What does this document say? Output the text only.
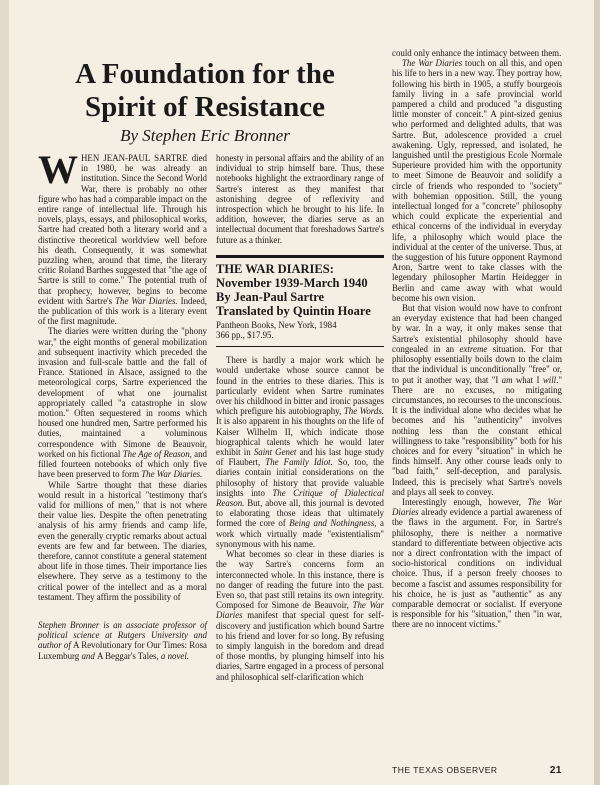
A Foundation for the
Spirit of Resistance

By Stephen Eric Bronner

WHEN JEAN-PAUL SARTRE died in 1980, he was already an institution. Since the Second World War, there is probably no other figure who has had a comparable impact on the entire range of intellectual life. Through his novels, plays, essays, and philosophical works, Sartre had created both a literary world and a distinctive theoretical worldview well before his death. Consequently, it was somewhat puzzling when, around that time, the literary critic Roland Barthes suggested that "the age of Sartre is still to come." The potential truth of that prophecy, however, begins to become evident with Sartre's The War Diaries. Indeed, the publication of this work is a literary event of the first magnitude.

The diaries were written during the "phony war," the eight months of general mobilization and subsequent inactivity which preceded the invasion and full-scale battle and the fall of France. Stationed in Alsace, assigned to the meteorological corps, Sartre experienced the development of what one journalist appropriately called "a catastrophe in slow motion." Often sequestered in rooms which housed one hundred men, Sartre performed his duties, maintained a voluminous correspondence with Simone de Beauvoir, worked on his fictional The Age of Reason, and filled fourteen notebooks of which only five have been preserved to form The War Diaries.

While Sartre thought that these diaries would result in a historical "testimony that's valid for millions of men," that is not where their value lies. Despite the often penetrating analysis of his army friends and camp life, even the generally cryptic remarks about actual events are few and far between. The diaries, therefore, cannot constitute a general statement about life in those times. Their importance lies elsewhere. They serve as a testimony to the critical power of the intellect and as a moral testament. They affirm the possibility of

Stephen Bronner is an associate professor of political science at Rutgers University and author of A Revolutionary for Our Times: Rosa Luxemburg and A Beggar's Tales, a novel.

honesty in personal affairs and the ability of an individual to strip himself bare. Thus, these notebooks highlight the extraordinary range of Sartre's interest as they manifest that astonishing degree of reflexivity and introspection which he brought to his life. In addition, however, the diaries serve as an intellectual document that foreshadows Sartre's future as a thinker.

THE WAR DIARIES:

November 1939-March 1940

By Jean-Paul Sartre

Translated by Quintin Hoare

Pantheon Books, New York, 1984

366 pp., $17.95.

There is hardly a major work which he would undertake whose source cannot be found in the entries to these diaries. This is particularly evident when Sartre ruminates over his childhood in bitter and ironic passages which prefigure his autobiography, The Words. It is also apparent in his thoughts on the life of Kaiser Wilhelm II, which indicate those biographical talents which he would later exhibit in Saint Genet and his last huge study of Flaubert, The Family Idiot. So, too, the diaries contain initial considerations on the philosophy of history that provide valuable insights into The Critique of Dialectical Reason. But, above all, this journal is devoted to elaborating those ideas that ultimately formed the core of Being and Nothingness, a work which virtually made "existentialism" synonymous with his name.

What becomes so clear in these diaries is the way Sartre's concerns form an interconnected whole. In this instance, there is no danger of reading the future into the past. Even so, that past still retains its own integrity. Composed for Simone de Beauvoir, The War Diaries manifest that special quest for self-discovery and justification which bound Sartre to his friend and lover for so long. By refusing to simply languish in the boredom and dread of those months, by plunging himself into his diaries, Sartre engaged in a process of personal and philosophical self-clarification which

could only enhance the intimacy between them.

The War Diaries touch on all this, and open his life to hers in a new way. They portray how, following his birth in 1905, a stuffy bourgeois family living in a safe provincial world pampered a child and produced "a disgusting little monster of conceit." A pint-sized genius who performed and delighted adults, that was Sartre. But, adolescence provided a cruel awakening. Ugly, repressed, and isolated, he languished until the prestigious Ecole Normale Superieure provided him with the opportunity to meet Simone de Beauvoir and solidify a circle of friends who responded to "society" with bohemian opposition. Still, the young intellectual longed for a "concrete" philosophy which could explicate the experiential and ethical concerns of the individual in everyday life, a philosophy which would place the individual at the center of the universe. Thus, at the suggestion of his future opponent Raymond Aron, Sartre went to take classes with the legendary philosopher Martin Heidegger in Berlin and came away with what would become his own vision.

But that vision would now have to confront an everyday existence that had been changed by war. In a way, it only makes sense that Sartre's existential philosophy should have congealed in an extreme situation. For that philosophy essentially boils down to the claim that the individual is unconditionally "free" or, to put it another way, that "I am what I will." There are no excuses, no mitigating circumstances, no recourses to the unconscious. It is the individual alone who decides what he becomes and his "authenticity" involves nothing less than the constant ethical willingness to take "responsibility" both for his choices and for every "situation" in which he finds himself. Any other course leads only to "bad faith," self-deception, and paralysis. Indeed, this is precisely what Sartre's novels and plays all seek to convey.

Interestingly enough, however, The War Diaries already evidence a partial awareness of the flaws in the argument. For, in Sartre's philosophy, there is neither a normative standard to differentiate between objective acts nor a direct confrontation with the impact of socio-historical conditions on individual choice. Thus, if a person freely chooses to become a fascist and assumes responsibility for his choice, he is just as "authentic" as any comparable democrat or socialist. If everyone is responsible for his "situation," then "in war, there are no innocent victims."

THE TEXAS OBSERVER	21
